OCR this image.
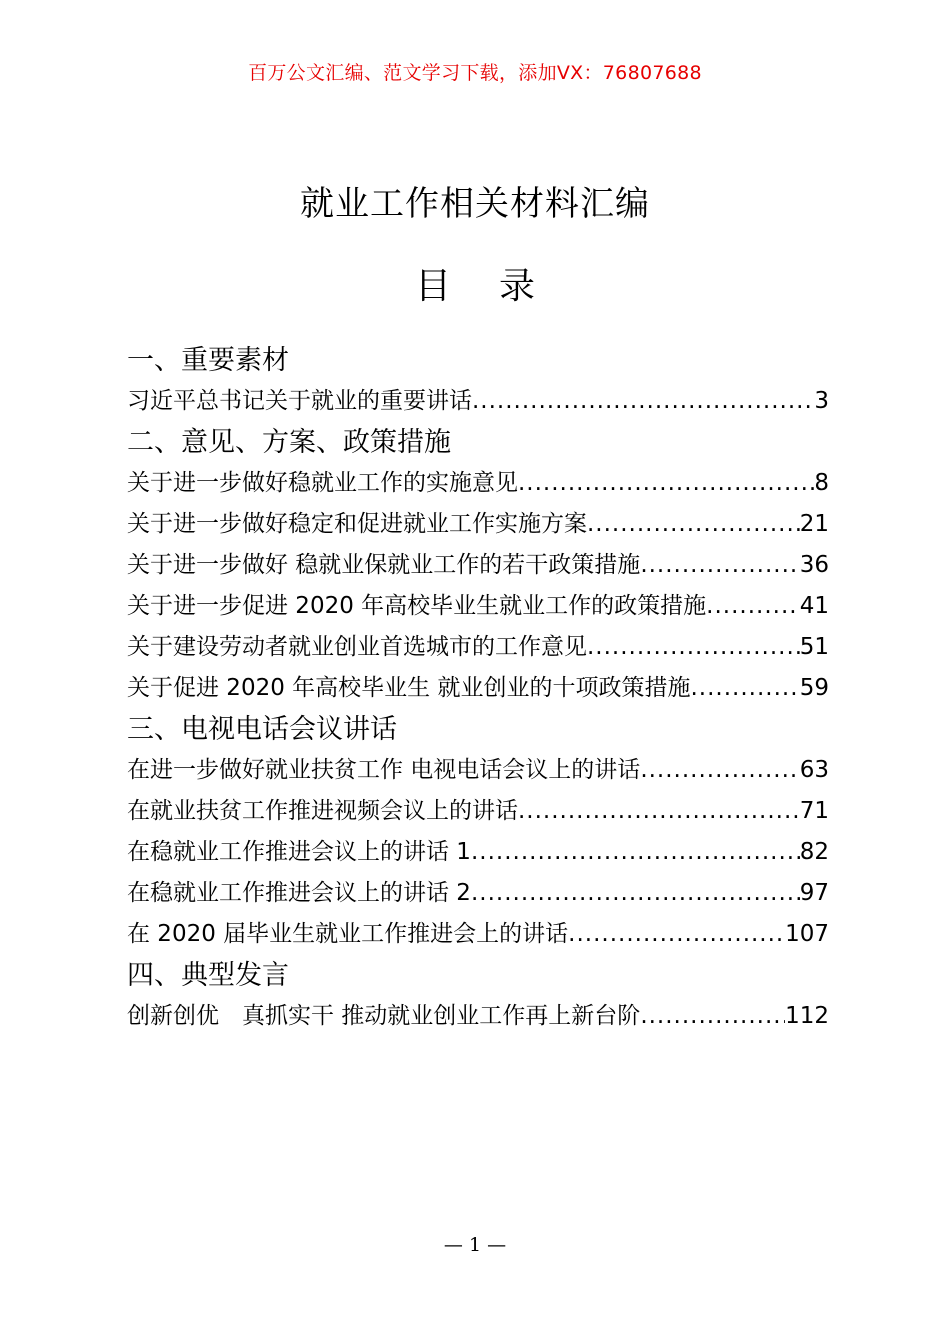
百万公文汇编、范文学习下载，添加VX：76807688
就业工作相关材料汇编
目录
一、重要素材
习近平总书记关于就业的重要讲话 .....	3
二、意见、方案、政策措施
关于进一步做好稳就业工作的实施意见 .....	8
关于进一步做好稳定和促进就业工作实施方案 .....	21
关于进一步做好 稳就业保就业工作的若干政策措施 .....	36
关于进一步促进 2020 年高校毕业生就业工作的政策措施 .....	41
关于建设劳动者就业创业首选城市的工作意见 .....	51
关于促进 2020 年高校毕业生 就业创业的十项政策措施 .....	59
三、电视电话会议讲话
在进一步做好就业扶贫工作 电视电话会议上的讲话 .....	63
在就业扶贫工作推进视频会议上的讲话 .....	71
在稳就业工作推进会议上的讲话 1 .....	82
在稳就业工作推进会议上的讲话 2 .....	97
在 2020 届毕业生就业工作推进会上的讲话 .....	107
四、典型发言
创新创优　真抓实干 推动就业创业工作再上新台阶 .....	112
— 1 —
